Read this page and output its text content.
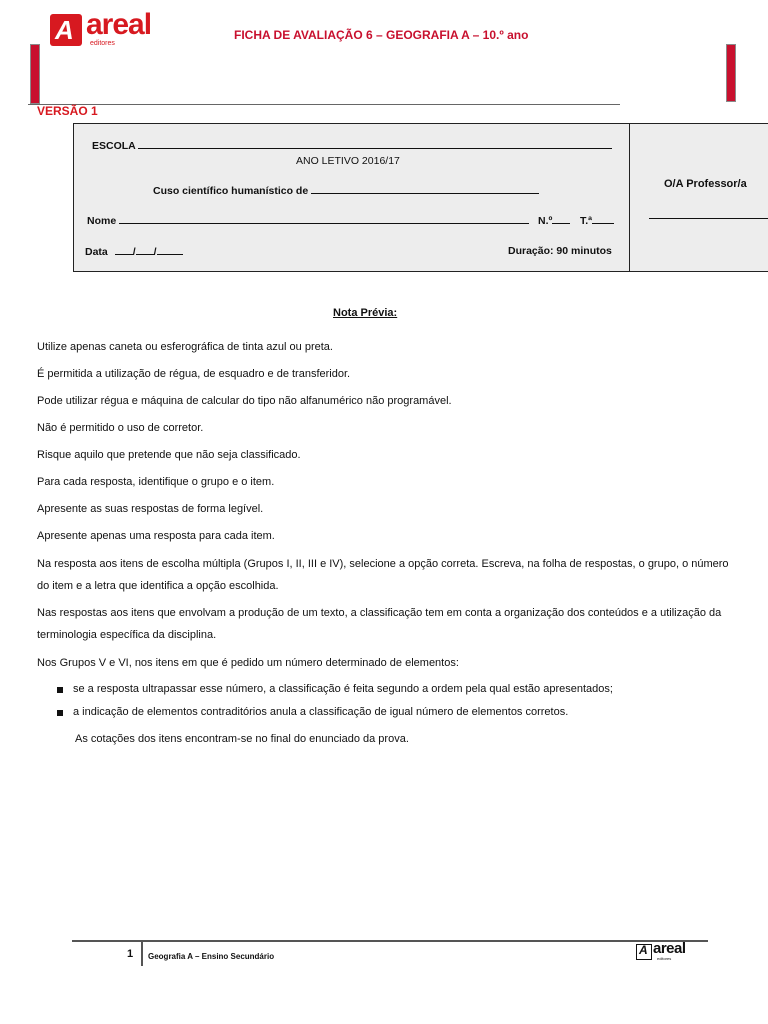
A areal
editores
FICHA DE AVALIAÇÃO 6 – GEOGRAFIA A – 10.º ano
VERSÃO 1
ESCOLA
ANO LETIVO 2016/17
Cuso científico humanístico de
Nome	N.º	T.ª
Data / /	Duração: 90 minutos
O/A Professor/a
Nota Prévia:
Utilize apenas caneta ou esferográfica de tinta azul ou preta.
É permitida a utilização de régua, de esquadro e de transferidor.
Pode utilizar régua e máquina de calcular do tipo não alfanumérico não programável.
Não é permitido o uso de corretor.
Risque aquilo que pretende que não seja classificado.
Para cada resposta, identifique o grupo e o item.
Apresente as suas respostas de forma legível.
Apresente apenas uma resposta para cada item.
Na resposta aos itens de escolha múltipla (Grupos I, II, III e IV), selecione a opção correta. Escreva, na folha de respostas, o grupo, o número do item e a letra que identifica a opção escolhida.
Nas respostas aos itens que envolvam a produção de um texto, a classificação tem em conta a organização dos conteúdos e a utilização da terminologia específica da disciplina.
Nos Grupos V e VI, nos itens em que é pedido um número determinado de elementos:
se a resposta ultrapassar esse número, a classificação é feita segundo a ordem pela qual estão apresentados;
a indicação de elementos contraditórios anula a classificação de igual número de elementos corretos.
As cotações dos itens encontram-se no final do enunciado da prova.
1 Geografia A – Ensino Secundário	A areal
editores
